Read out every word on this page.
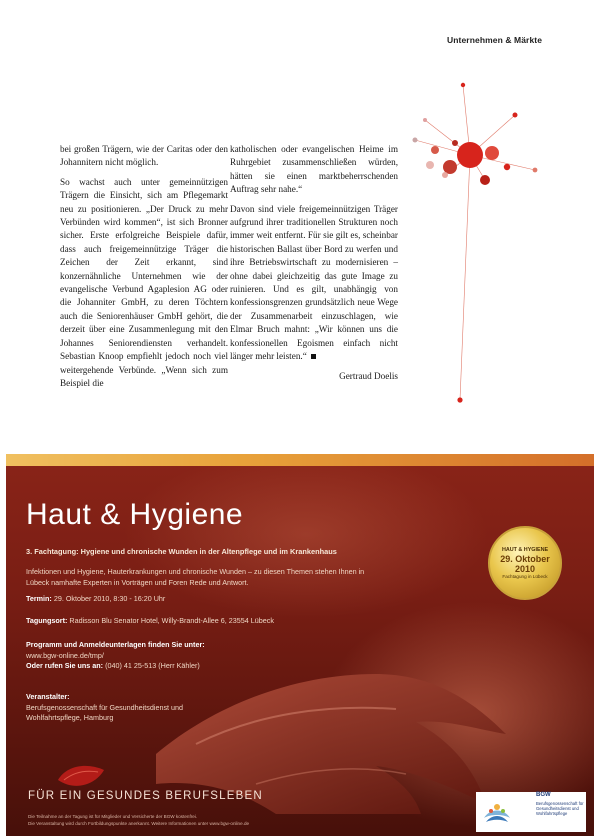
Unternehmen & Märkte

bei großen Trägern, wie der Caritas oder den Johannitern nicht möglich.

So wachst auch unter gemeinnützigen Trägern die Einsicht, sich am Pflegemarkt neu zu positionieren. „Der Druck zu mehr Verbünden wird kommen“, ist sich Bronner sicher. Erste erfolgreiche Beispiele dafür, dass auch freigemeinnützige Träger die Zeichen der Zeit erkannt, sind konzernähnliche Unternehmen wie der evangelische Verbund Agaplesion AG oder die Johanniter GmbH, zu deren Töchtern auch die Seniorenhäuser GmbH gehört, die derzeit über eine Zusammenlegung mit den Johannes Seniorendiensten verhandelt. Sebastian Knoop empfiehlt jedoch noch viel weitergehende Verbünde. „Wenn sich zum Beispiel die

katholischen oder evangelischen Heime im Ruhrgebiet zusammenschließen würden, hätten sie einen marktbeherrschenden Auftrag sehr nahe.“

Davon sind viele freigemeinnützigen Träger aufgrund ihrer traditionellen Strukturen noch immer weit entfernt. Für sie gilt es, scheinbar historischen Ballast über Bord zu werfen und ihre Betriebswirtschaft zu modernisieren – ohne dabei gleichzeitig das gute Image zu ruinieren. Und es gilt, unabhängig von konfessionsgrenzen grundsätzlich neue Wege der Zusammenarbeit einzuschlagen, wie Elmar Bruch mahnt: „Wir können uns die konfessionellen Egoismen einfach nicht länger mehr leisten.“

Gertraud Doelis
Haut & Hygiene
3. Fachtagung: Hygiene und chronische Wunden in der Altenpflege und im Krankenhaus
Infektionen und Hygiene, Hauterkrankungen und chronische Wunden – zu diesen Themen stehen Ihnen in Lübeck namhafte Experten in Vorträgen und Foren Rede und Antwort.
Termin: 29. Oktober 2010, 8:30 - 16:20 Uhr
Tagungsort: Radisson Blu Senator Hotel, Willy-Brandt-Allee 6, 23554 Lübeck
Programm und Anmeldeunterlagen finden Sie unter:
www.bgw-online.de/tmp/
Oder rufen Sie uns an: (040) 41 25-513 (Herr Kähler)
Veranstalter:
Berufsgenossenschaft für Gesundheitsdienst und Wohlfahrtspflege, Hamburg
HAUT & HYGIENE
29. Oktober 2010
Fachtagung in Lübeck
FÜR EIN GESUNDES BERUFSLEBEN
Die Teilnahme an der Tagung ist für Mitglieder und Versicherte der BGW kostenfrei.
Die Veranstaltung wird durch Fortbildungspunkte anerkannt. Weitere Informationen unter www.bgw-online.de
BGW
Berufsgenossenschaft für Gesundheitsdienst und Wohlfahrtspflege
